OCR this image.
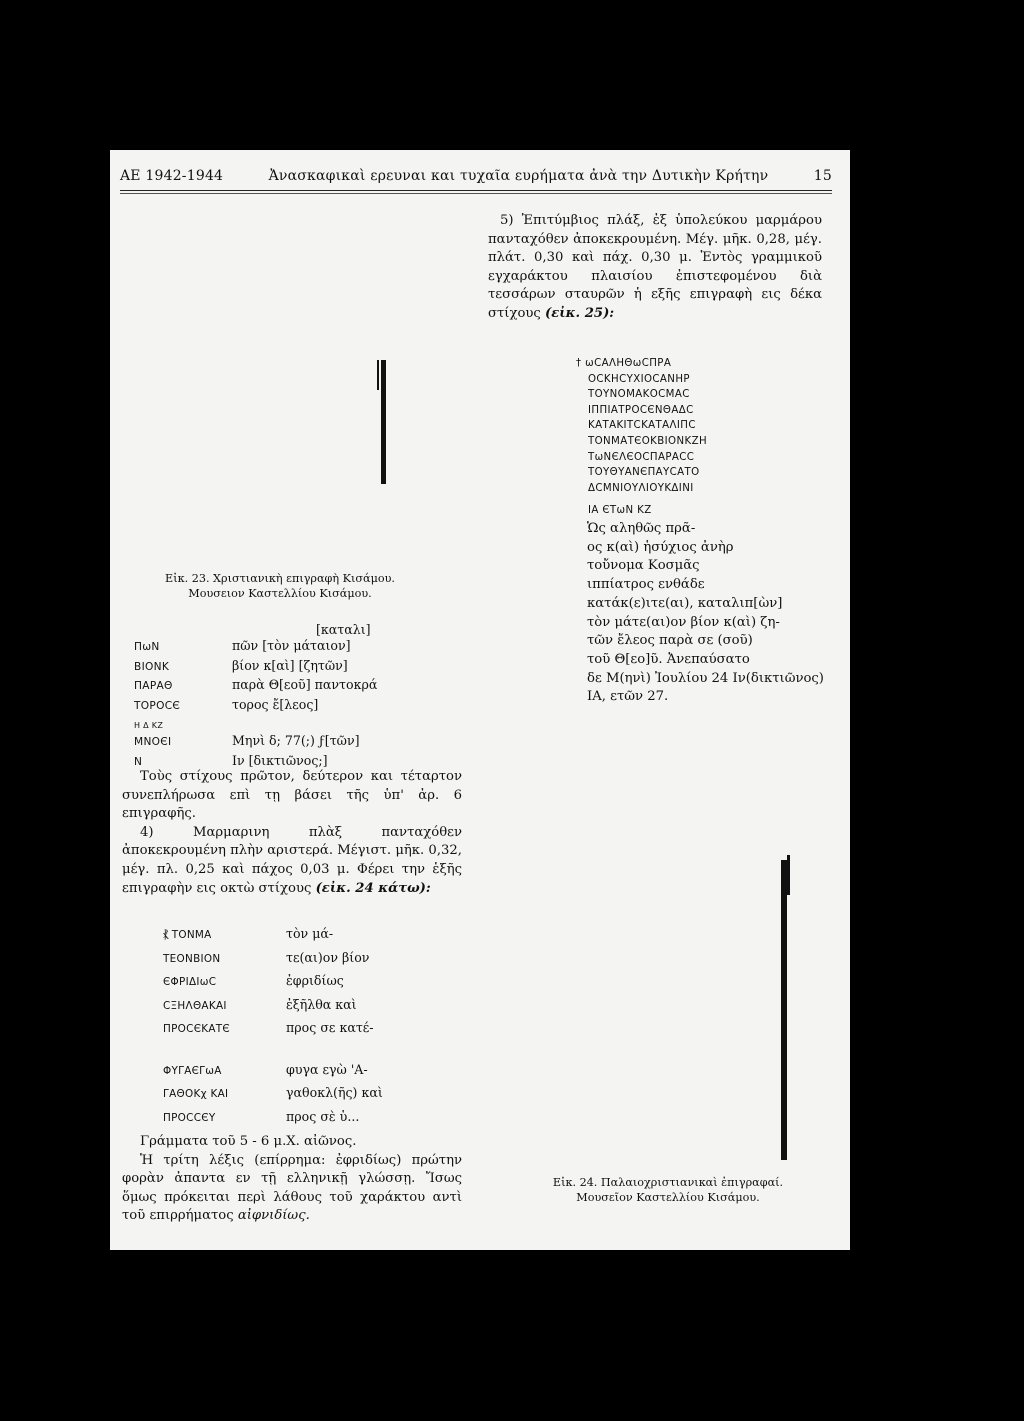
ΑΕ 1942-1944	Ἀνασκαφικαὶ ερευναι και τυχαῖα ευρήματα ἀνὰ την Δυτικὴν Κρήτην	15
Εἰκ. 23. Χριστιανικὴ επιγραφὴ Κισάμου.
Μουσειον Καστελλίου Κισάμου.
[καταλι]
ΠωΝ
ΒΙΟΝΚ
ΠΑΡΑΘ
ΤΟΡΟϹЄ
Η Δ ΚΖ
ΜΝΟЄΙ
Ν
πῶν [τὸν μάταιον]
βίον κ[αὶ] [ζητῶν]
παρὰ Θ[εοῦ] παντοκρά
τορος ἔ[λεος]
Μηνὶ δ; 77(;) ϝ[τῶν]
Ιν [δικτιῶνος;]

Τοὺς στίχους πρῶτον, δεύτερον και τέταρτον συνεπλήρωσα επὶ τῃ βάσει τῆς ὑπ' ἀρ. 6 επιγραφῆς.

4) Μαρμαρινη πλὰξ πανταχόθεν ἀποκεκρουμένη πλὴν αριστερά. Μέγιστ. μῆκ. 0,32, μέγ. πλ. 0,25 καὶ πάχος 0,03 μ. Φέρει την ἑξῆς επιγραφὴν εις οκτὼ στίχους (εἰκ. 24 κάτω):

⳩ ΤΟΝΜΑ
ΤΕΟΝΒΙΟΝ
ЄΦΡΙΔΙωϹ
ϹΞΗΛΘΑΚΑΙ
ΠΡΟϹЄΚΑΤЄ
ΦΥΓΑЄΓωΑ
ΓΑΘΟΚχ ΚΑΙ
ΠΡΟϹϹЄΥ
τὸν μά-
τε(αι)ον βίον
ἐφριδίως
ἐξῆλθα καὶ
προς σε κατέ-
φυγα εγὼ 'Α-
γαθοκλ(ῆς) καὶ
προς σὲ ὑ...

Γράμματα τοῦ 5 - 6 μ.Χ. αἰῶνος.

Ἡ τρίτη λέξις (επίρρημα: ἐφριδίως) πρώτην φορὰν ἀπαντα εν τῇ ελληνικῇ γλώσσῃ. Ἴσως ὅμως πρόκειται περὶ λάθους τοῦ χαράκτου αντὶ τοῦ επιρρήματος αἰφνιδίως.

5) Ἐπιτύμβιος πλάξ, ἐξ ὑπολεύκου μαρμάρου πανταχόθεν ἀποκεκρουμένη. Μέγ. μῆκ. 0,28, μέγ. πλάτ. 0,30 καὶ πάχ. 0,30 μ. Ἐντὸς γραμμικοῦ εγχαράκτου πλαισίου ἐπιστεφομένου διὰ τεσσάρων σταυρῶν ἡ εξῆς επιγραφὴ εις δέκα στίχους (εἰκ. 25):

† ωϹΑΛΗΘωϹΠΡΑ
ΟϹΚΗϹΥΧΙΟϹΑΝΗΡ
ΤΟΥΝΟΜΑΚΟϹΜΑϹ
ΙΠΠΙΑΤΡΟϹЄΝΘΑΔϹ
ΚΑΤΑΚΙΤϹΚΑΤΑΛΙΠϹ
ΤΟΝΜΑΤЄΟΚΒΙΟΝΚΖΗ
ΤωΝЄΛЄΟϹΠΑΡΑϹϹ
ΤΟΥΘΥΑΝЄΠΑΥϹΑΤΟ
ΔϹΜΝΙΟΥΛΙΟΥΚΔΙΝΙ
ΙΑ ЄΤωΝ ΚΖ
Ὡς αληθῶς πρᾶ-
ος κ(αὶ) ἡσύχιος ἀνὴρ
τοὔνομα Κοσμᾶς
ιππίατρος ενθάδε
κατάκ(ε)ιτε(αι), καταλιπ[ὼν]
τὸν μάτε(αι)ον βίον κ(αὶ) ζη-
τῶν ἔλεος παρὰ σε (σοῦ)
τοῦ Θ[εο]ῦ. Ἀνεπαύσατο
δε Μ(ηνὶ) Ἰουλίου 24 Ιν(δικτιῶνος)
ΙΑ, ετῶν 27.
Εἰκ. 24. Παλαιοχριστιανικαὶ ἐπιγραφαί.
Μουσεῖον Καστελλίου Κισάμου.
